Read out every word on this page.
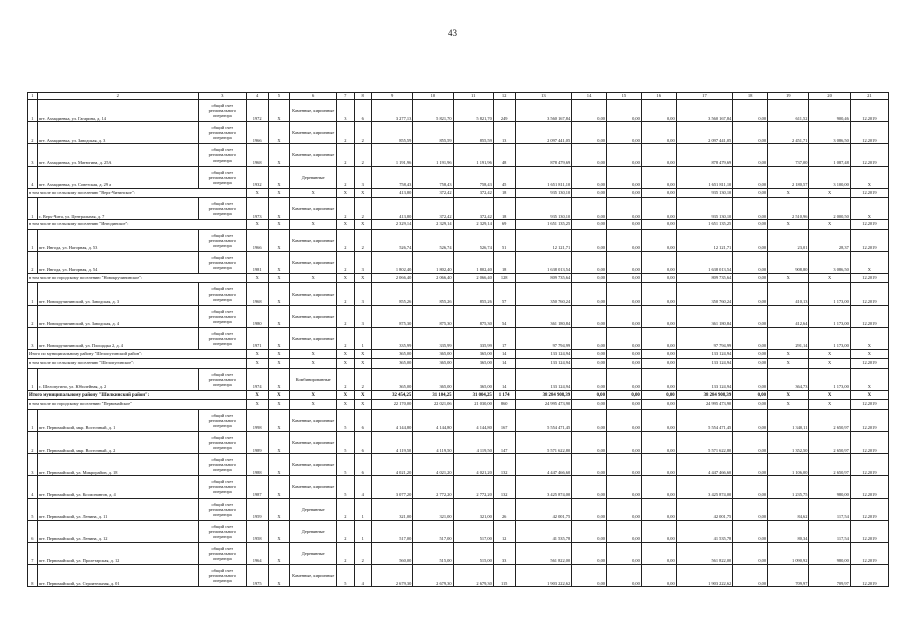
43
1	2	3	4	5	6	7	8	9	10	11	12	13	14	15	16	17	18	19	20	21
1	пгт. Ахмадиевка, ул. Гагарина, д. 14	общий счет регионального оператора	1972	X	Каменные, кирпичные	3	6	3 277,13	5 821,70	5 821,70	249	3 560 167,84	0,00	0,00	0,00	3 560 167,84	0,00	611,52	900,46	12.2019
2	пгт. Ахмадиевка, ул. Заводская, д. 3	общий счет регионального оператора	1966	X	Каменные, кирпичные	2	2	855,59	855,59	855,59	13	2 097 441,05	0,00	0,00	0,00	2 097 441,05	0,00	2 451,71	3 086,50	12.2019
3	пгт. Ахмадиевка, ул. Матюгина, д. 25А	общий счет регионального оператора	1968	X	Каменные, кирпичные	2	2	1 191,96	1 191,96	1 191,96	48	878 479,69	0,00	0,00	0,00	878 479,69	0,00	737,00	1 087,48	12.2019
4	пгт. Ахмадиевка, ул. Советская, д. 29 а	общий счет регионального оператора	1932	X	Деревянные	2	3	758,43	758,43	758,43	45	1 651 811,10	0,00	0,00	0,00	1 651 811,10	0,00	2 180,57	3 100,00	X
в том числе по сельскому поселению "Верх-Читинское":			X	X	X	X	X	413,80	372,42	372,42	18	935 130,10	0,00	0,00	0,00	935 130,10	0,00	X	X	12.2019
1	с. Верх-Чита, ул. Центральная, д. 7	общий счет регионального оператора	1973	X	Каменные, кирпичные	2	2	413,80	372,42	372,42	18	935 130,10	0,00	0,00	0,00	935 130,10	0,00	2 510,96	2 000,50	X
в том числе по сельскому поселению "Ингодинское":			X	X	X	X	X	2 329,14	2 329,14	2 329,14	69	1 651 135,25	0,00	0,00	0,00	1 651 135,25	0,00	X	X	12.2019
1	пгт. Ингода, ул. Нагорная, д. 53	общий счет регионального оператора	1966	X	Каменные, кирпичные	2	2	526,74	526,74	526,74	51	12 121,71	0,00	0,00	0,00	12 121,71	0,00	23,01	28,37	12.2019
2	пгт. Ингода, ул. Нагорная, д. 54	общий счет регионального оператора	1981	X	Каменные, кирпичные	2	3	1 802,40	1 802,40	1 802,40	18	1 638 013,54	0,00	0,00	0,00	1 638 013,54	0,00	908,80	3 086,50	X
в том числе по городскому поселению "Новокручининское":			X	X	X	X	X	2 066,40	2 066,40	2 066,40	128	809 735,64	0,00	0,00	0,00	809 735,64	0,00	X	X	12.2019
1	пгт. Новокручининский, ул. Заводская, д. 3	общий счет регионального оператора	1968	X	Каменные, кирпичные	2	3	855,26	855,26	855,26	57	350 760,24	0,00	0,00	0,00	350 760,24	0,00	410,13	1 173,00	12.2019
2	пгт. Новокручининский, ул. Заводская, д. 4	общий счет регионального оператора	1980	X	Каменные, кирпичные	2	3	875,30	875,30	875,30	54	361 180,84	0,00	0,00	0,00	361 180,84	0,00	412,64	1 173,00	12.2019
3	пгт. Новокручининский, ул. Площадка 2, д. 4	общий счет регионального оператора	1971	X	Каменные, кирпичные	2	1	335,99	335,99	335,99	17	97 794,99	0,00	0,00	0,00	97 794,99	0,00	291,14	1 173,00	X
Итого по муниципальному району "Шелопугинский район":			X	X	X	X	X	365,00	365,00	365,00	14	133 124,94	0,00	0,00	0,00	133 124,94	0,00	X	X	X
в том числе по сельскому поселению "Шелопугинское":			X	X	X	X	X	365,00	365,00	365,00	14	133 124,94	0,00	0,00	0,00	133 124,94	0,00	X	X	12.2019
1	с. Шелопугино, ул. Юбилейная, д. 2	общий счет регионального оператора	1974	X	Комбинированные	2	2	365,00	365,00	365,00	14	133 124,94	0,00	0,00	0,00	133 124,94	0,00	364,73	1 173,00	X
Итого муниципальному району "Шилкинский район":			X	X	X	X	X	32 454,25	31 104,25	31 004,25	1 174	38 284 908,39	0,00	0,00	0,00	38 284 908,39	0,00	X	X	X
в том числе по городскому поселению "Первомайское"			X	X	X	X	X	22 170,00	22 021,06	21 030,00	860	24 995 473,90	0,00	0,00	0,00	24 995 473,90	0,00	X	X	12.2019
1	пгт. Первомайский, мкр. Восточный, д. 1	общий счет регионального оператора	1998	X	Каменные, кирпичные	5	6	4 144,80	4 144,80	4 144,80	167	5 554 471,45	0,00	0,00	0,00	5 554 471,45	0,00	1 340,11	2 650,97	12.2019
2	пгт. Первомайский, мкр. Восточный, д. 2	общий счет регионального оператора	1989	X	Каменные, кирпичные	5	6	4 119,50	4 119,50	4 119,50	147	5 571 622,80	0,00	0,00	0,00	5 571 622,80	0,00	1 352,50	2 650,97	12.2019
3	пгт. Первомайский, ул. Микрорайон, д. 18	общий счет регионального оператора	1988	X	Каменные, кирпичные	5	6	4 021,20	4 021,20	4 021,20	132	4 447 466,60	0,00	0,00	0,00	4 447 466,60	0,00	1 106,00	2 650,97	12.2019
4	пгт. Первомайский, ул. Космонавтов, д. 4	общий счет регионального оператора	1987	X	Каменные, кирпичные	5	4	3 077,20	2 772,20	2 772,20	132	3 425 874,00	0,00	0,00	0,00	3 425 874,00	0,00	1 235,75	980,00	12.2019
5	пгт. Первомайский, ул. Ленина, д. 11	общий счет регионального оператора	1959	X	Деревянные	2	1	321,00	321,00	321,00	26	42 001,75	0,00	0,00	0,00	42 001,75	0,00	84,62	117,54	12.2019
6	пгт. Первомайский, ул. Ленина, д. 12	общий счет регионального оператора	1958	X	Деревянные	2	1	517,00	517,00	517,00	12	41 535,78	0,00	0,00	0,00	41 535,78	0,00	80,34	117,54	12.2019
7	пгт. Первомайский, ул. Пролетарская, д. 12	общий счет регионального оператора	1964	X	Деревянные	2	2	560,00	515,00	515,00	33	561 822,00	0,00	0,00	0,00	561 822,00	0,00	1 090,92	980,00	12.2019
8	пгт. Первомайский, ул. Строительная, д. 01	общий счет регионального оператора	1975	X	Каменные, кирпичные	5	4	2 679,30	2 679,30	2 679,30	115	1 903 222,62	0,00	0,00	0,00	1 903 222,62	0,00	709,97	709,97	12.2019
